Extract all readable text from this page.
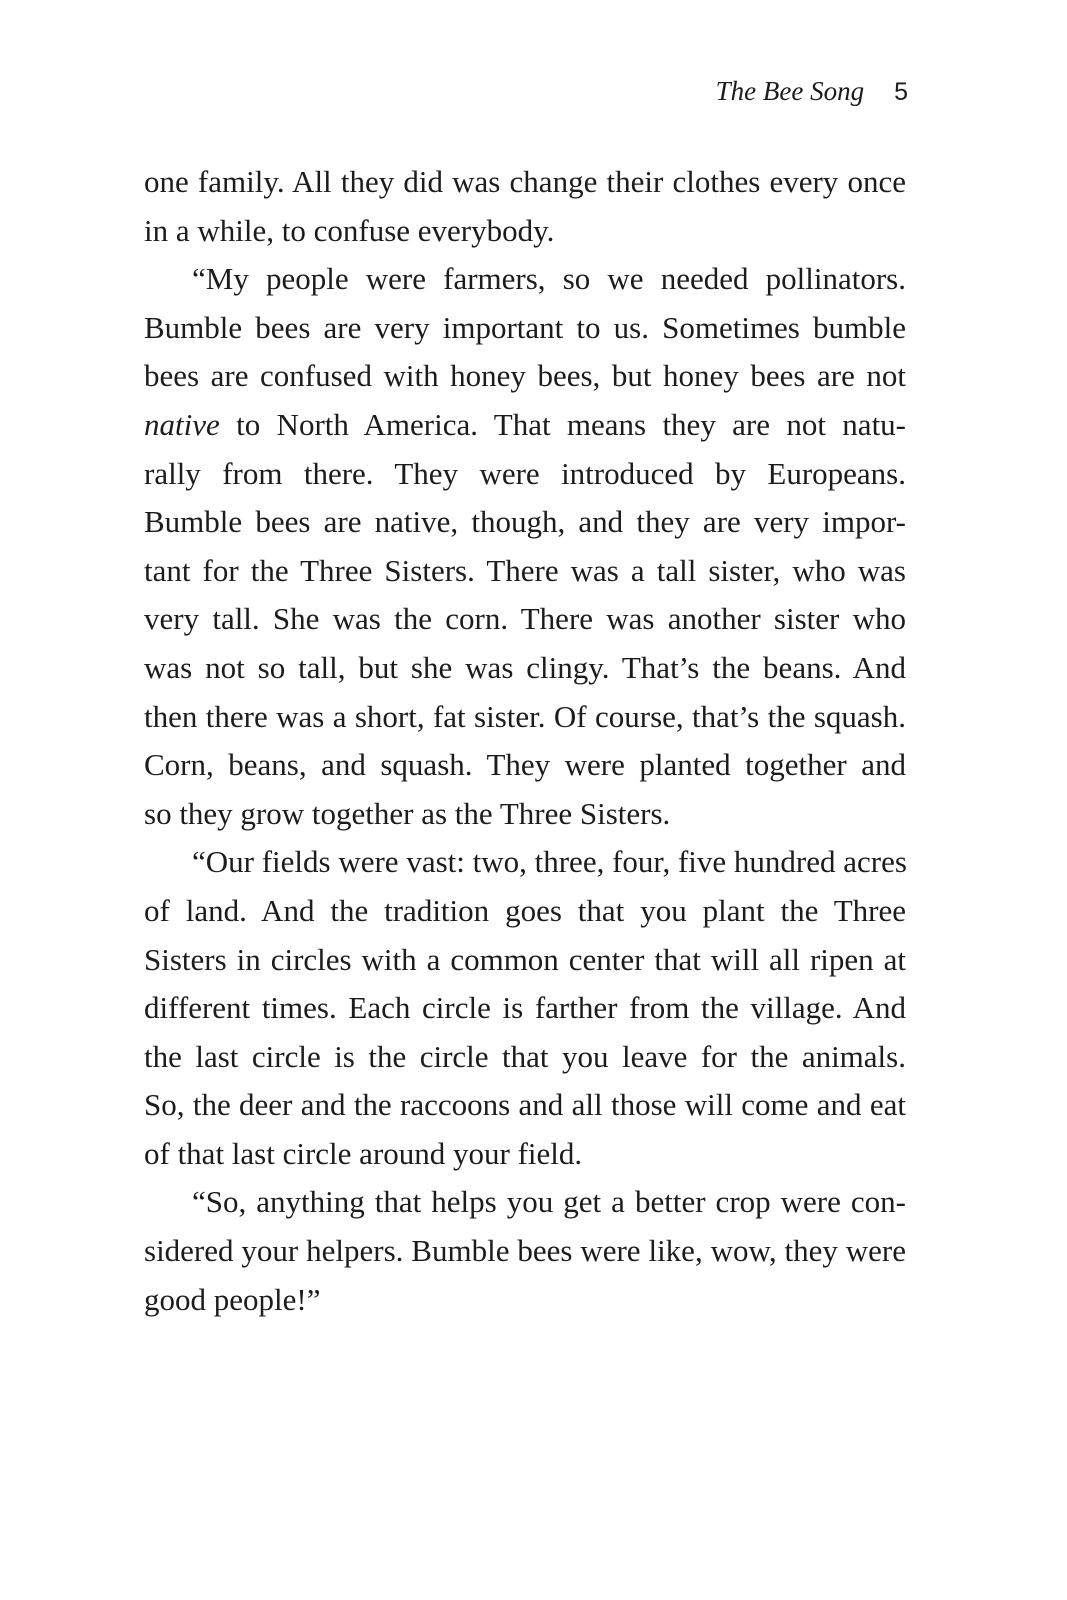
The Bee Song 5
one family. All they did was change their clothes every once
in a while, to confuse everybody.
“My people were farmers, so we needed pollinators.
Bumble bees are very important to us. Sometimes bumble
bees are confused with honey bees, but honey bees are not
native to North America. That means they are not natu-
rally from there. They were introduced by Europeans.
Bumble bees are native, though, and they are very impor-
tant for the Three Sisters. There was a tall sister, who was
very tall. She was the corn. There was another sister who
was not so tall, but she was clingy. That’s the beans. And
then there was a short, fat sister. Of course, that’s the squash.
Corn, beans, and squash. They were planted together and
so they grow together as the Three Sisters.
“Our fields were vast: two, three, four, five hundred acres
of land. And the tradition goes that you plant the Three
Sisters in circles with a common center that will all ripen at
different times. Each circle is farther from the village. And
the last circle is the circle that you leave for the animals.
So, the deer and the raccoons and all those will come and eat
of that last circle around your field.
“So, anything that helps you get a better crop were con-
sidered your helpers. Bumble bees were like, wow, they were
good people!”
